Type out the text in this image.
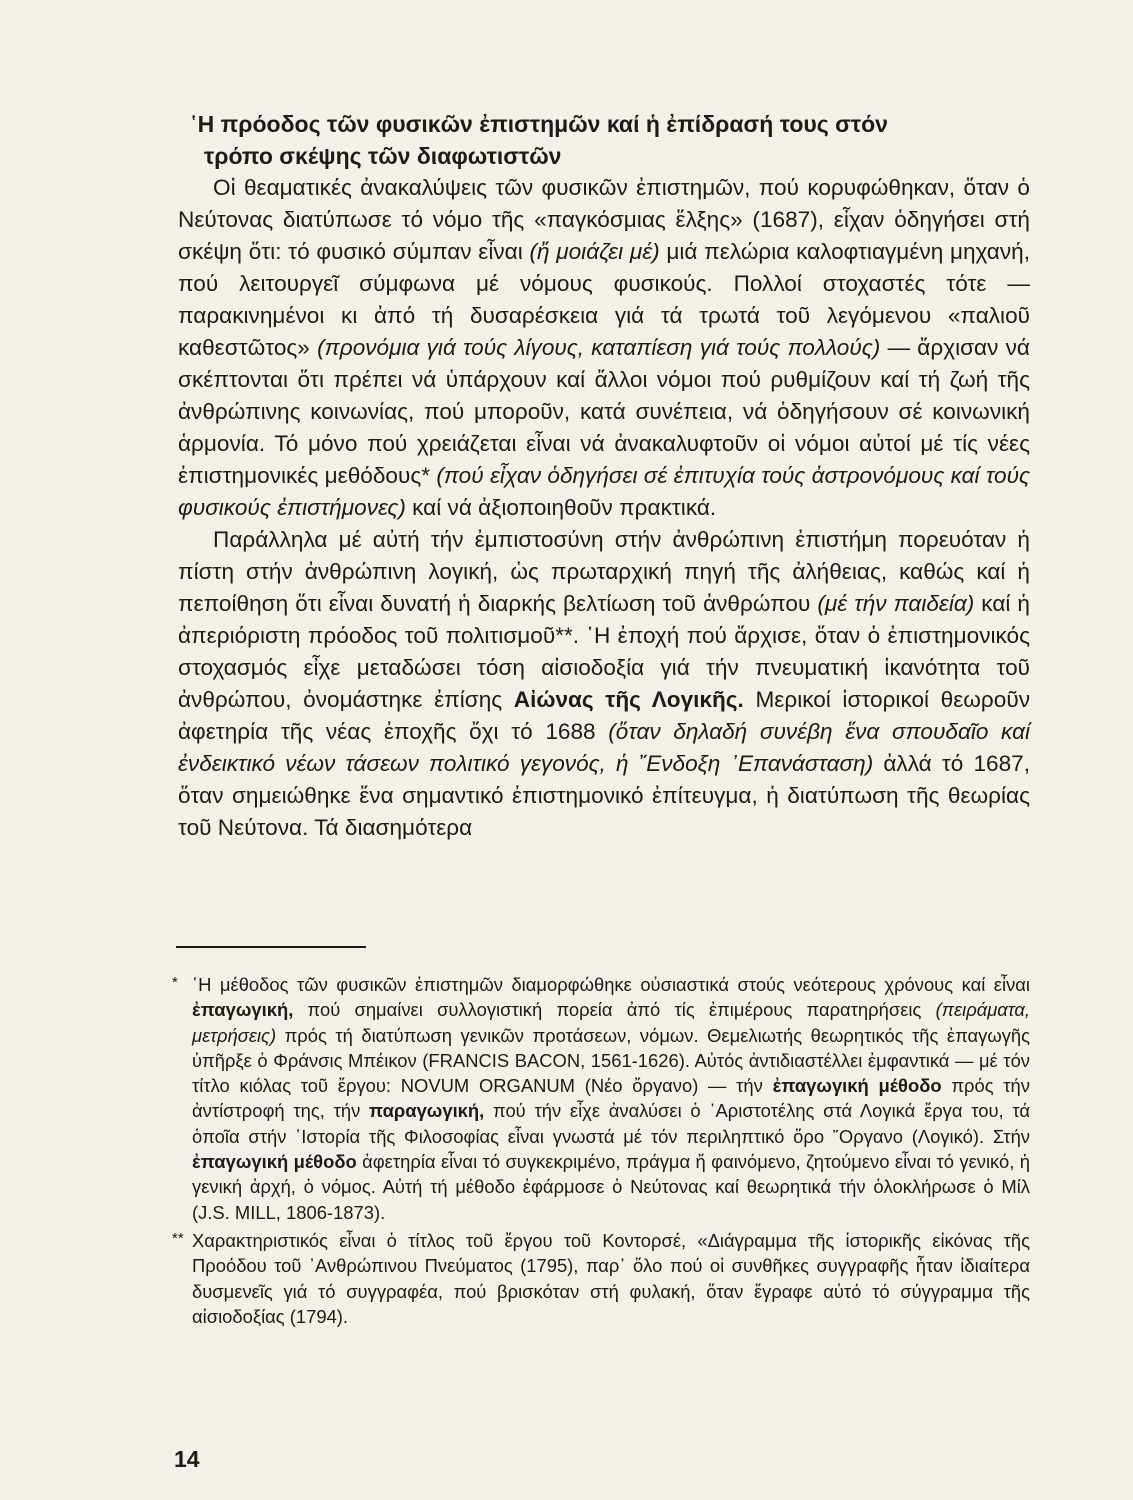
῾Η πρόοδος τῶν φυσικῶν ἐπιστημῶν καί ἡ ἐπίδρασή τους στόν
τρόπο σκέψης τῶν διαφωτιστῶν

Οἱ θεαματικές ἀνακαλύψεις τῶν φυσικῶν ἐπιστημῶν, πού κορυφώθηκαν, ὅταν ὁ Νεύτονας διατύπωσε τό νόμο τῆς «παγκόσμιας ἕλξης» (1687), εἶχαν ὁδηγήσει στή σκέψη ὅτι: τό φυσικό σύμπαν εἶναι (ἤ μοιάζει μέ) μιά πελώρια καλοφτιαγμένη μηχανή, πού λειτουργεῖ σύμφωνα μέ νόμους φυσικούς. Πολλοί στοχαστές τότε — παρακινημένοι κι ἀπό τή δυσαρέσκεια γιά τά τρωτά τοῦ λεγόμενου «παλιοῦ καθεστῶτος» (προνόμια γιά τούς λίγους, καταπίεση γιά τούς πολλούς) — ἄρχισαν νά σκέπτονται ὅτι πρέπει νά ὑπάρχουν καί ἄλλοι νόμοι πού ρυθμίζουν καί τή ζωή τῆς ἀνθρώπινης κοινωνίας, πού μποροῦν, κατά συνέπεια, νά ὁδηγήσουν σέ κοινωνική ἁρμονία. Τό μόνο πού χρειάζεται εἶναι νά ἀνακαλυφτοῦν οἱ νόμοι αὐτοί μέ τίς νέες ἐπιστημονικές μεθόδους* (πού εἶχαν ὁδηγήσει σέ ἐπιτυχία τούς ἀστρονόμους καί τούς φυσικούς ἐπιστήμονες) καί νά ἀξιοποιηθοῦν πρακτικά.

Παράλληλα μέ αὐτή τήν ἐμπιστοσύνη στήν ἀνθρώπινη ἐπιστήμη πορευόταν ἡ πίστη στήν ἀνθρώπινη λογική, ὡς πρωταρχική πηγή τῆς ἀλήθειας, καθώς καί ἡ πεποίθηση ὅτι εἶναι δυνατή ἡ διαρκής βελτίωση τοῦ ἀνθρώπου (μέ τήν παιδεία) καί ἡ ἀπεριόριστη πρόοδος τοῦ πολιτισμοῦ**. ῾Η ἐποχή πού ἄρχισε, ὅταν ὁ ἐπιστημονικός στοχασμός εἶχε μεταδώσει τόση αἰσιοδοξία γιά τήν πνευματική ἱκανότητα τοῦ ἀνθρώπου, ὀνομάστηκε ἐπίσης Αἰώνας τῆς Λογικῆς. Μερικοί ἱστορικοί θεωροῦν ἀφετηρία τῆς νέας ἐποχῆς ὄχι τό 1688 (ὅταν δηλαδή συνέβη ἕνα σπουδαῖο καί ἐνδεικτικό νέων τάσεων πολιτικό γεγονός, ἡ ῎Ενδοξη ᾿Επανάσταση) ἀλλά τό 1687, ὅταν σημειώθηκε ἕνα σημαντικό ἐπιστημονικό ἐπίτευγμα, ἡ διατύπωση τῆς θεωρίας τοῦ Νεύτονα. Τά διασημότερα

* ῾Η μέθοδος τῶν φυσικῶν ἐπιστημῶν διαμορφώθηκε οὐσιαστικά στούς νεότερους χρόνους καί εἶναι ἐπαγωγική, πού σημαίνει συλλογιστική πορεία ἀπό τίς ἐπιμέρους παρατηρήσεις (πειράματα, μετρήσεις) πρός τή διατύπωση γενικῶν προτάσεων, νόμων. Θεμελιωτής θεωρητικός τῆς ἐπαγωγῆς ὑπῆρξε ὁ Φράνσις Μπέικον (FRANCIS BACON, 1561-1626). Αὐτός ἀντιδιαστέλλει ἐμφαντικά — μέ τόν τίτλο κιόλας τοῦ ἔργου: NOVUM ORGANUM (Νέο ὄργανο) — τήν ἐπαγωγική μέθοδο πρός τήν ἀντίστροφή της, τήν παραγωγική, πού τήν εἶχε ἀναλύσει ὁ ᾿Αριστοτέλης στά Λογικά ἔργα του, τά ὁποῖα στήν ῾Ιστορία τῆς Φιλοσοφίας εἶναι γνωστά μέ τόν περιληπτικό ὅρο ῎Οργανο (Λογικό). Στήν ἐπαγωγική μέθοδο ἀφετηρία εἶναι τό συγκεκριμένο, πράγμα ἤ φαινόμενο, ζητούμενο εἶναι τό γενικό, ἡ γενική ἀρχή, ὁ νόμος. Αὐτή τή μέθοδο ἐφάρμοσε ὁ Νεύτονας καί θεωρητικά τήν ὁλοκλήρωσε ὁ Μίλ (J.S. MILL, 1806-1873).

** Χαρακτηριστικός εἶναι ὁ τίτλος τοῦ ἔργου τοῦ Κοντορσέ, «Διάγραμμα τῆς ἱστορικῆς εἰκόνας τῆς Προόδου τοῦ ᾿Ανθρώπινου Πνεύματος (1795), παρ᾿ ὅλο πού οἱ συνθῆκες συγγραφῆς ἦταν ἰδιαίτερα δυσμενεῖς γιά τό συγγραφέα, πού βρισκόταν στή φυλακή, ὅταν ἔγραφε αὐτό τό σύγγραμμα τῆς αἰσιοδοξίας (1794).

14
